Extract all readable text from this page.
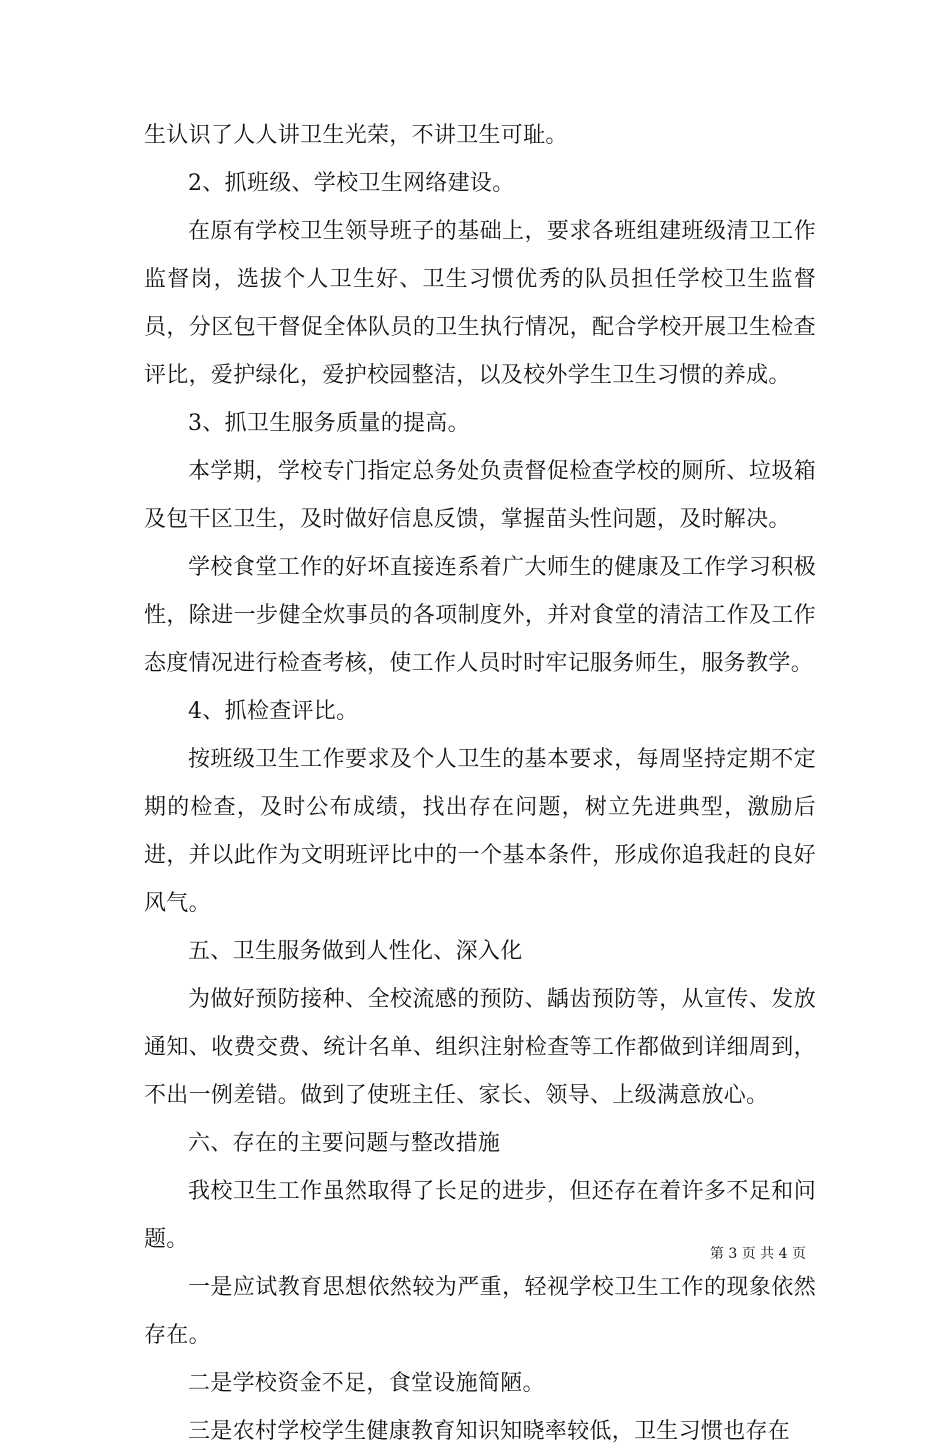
生认识了人人讲卫生光荣，不讲卫生可耻。

2、抓班级、学校卫生网络建设。

在原有学校卫生领导班子的基础上，要求各班组建班级清卫工作监督岗，选拔个人卫生好、卫生习惯优秀的队员担任学校卫生监督员，分区包干督促全体队员的卫生执行情况，配合学校开展卫生检查评比，爱护绿化，爱护校园整洁，以及校外学生卫生习惯的养成。

3、抓卫生服务质量的提高。

本学期，学校专门指定总务处负责督促检查学校的厕所、垃圾箱及包干区卫生，及时做好信息反馈，掌握苗头性问题，及时解决。

学校食堂工作的好坏直接连系着广大师生的健康及工作学习积极性，除进一步健全炊事员的各项制度外，并对食堂的清洁工作及工作态度情况进行检查考核，使工作人员时时牢记服务师生，服务教学。

4、抓检查评比。

按班级卫生工作要求及个人卫生的基本要求，每周坚持定期不定期的检查，及时公布成绩，找出存在问题，树立先进典型，激励后进，并以此作为文明班评比中的一个基本条件，形成你追我赶的良好风气。

五、卫生服务做到人性化、深入化

为做好预防接种、全校流感的预防、龋齿预防等，从宣传、发放通知、收费交费、统计名单、组织注射检查等工作都做到详细周到，不出一例差错。做到了使班主任、家长、领导、上级满意放心。

六、存在的主要问题与整改措施

我校卫生工作虽然取得了长足的进步，但还存在着许多不足和问题。

一是应试教育思想依然较为严重，轻视学校卫生工作的现象依然存在。

二是学校资金不足，食堂设施简陋。

三是农村学校学生健康教育知识知晓率较低，卫生习惯也存在

第 3 页 共 4 页
